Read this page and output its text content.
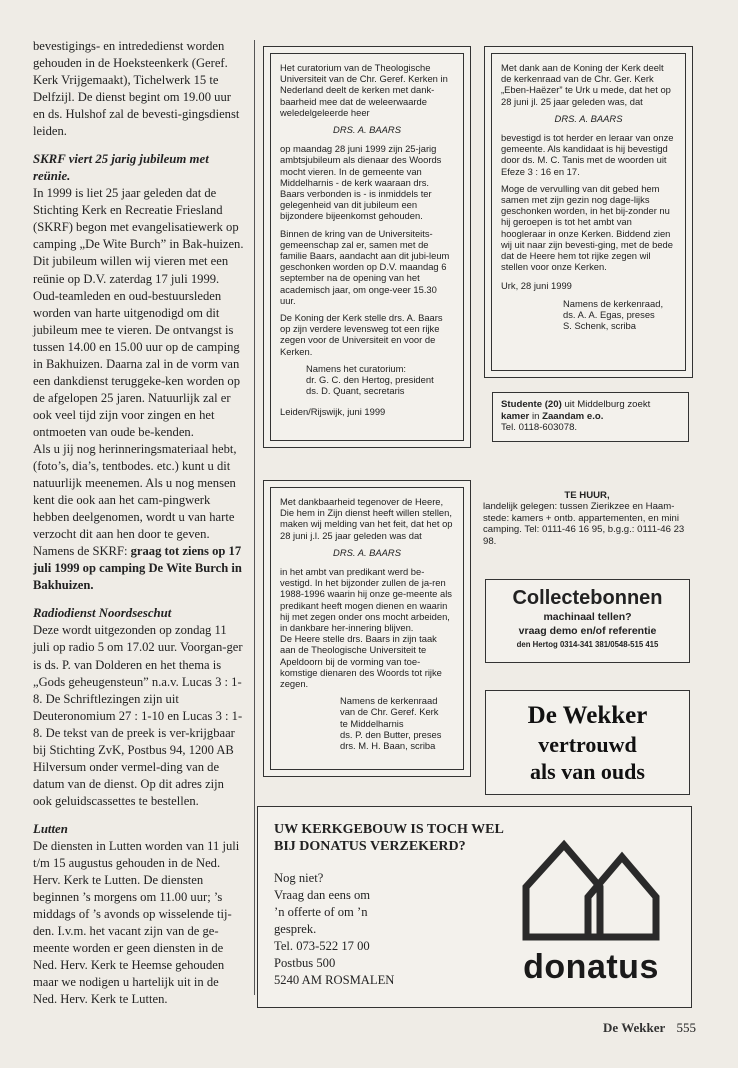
bevestigings- en intrededienst worden gehouden in de Hoeksteenkerk (Geref. Kerk Vrijgemaakt), Tichelwerk 15 te Delfzijl. De dienst begint om 19.00 uur en ds. Hulshof zal de bevesti-gingsdienst leiden.

SKRF viert 25 jarig jubileum met reünie.

In 1999 is liet 25 jaar geleden dat de Stichting Kerk en Recreatie Friesland (SKRF) begon met evangelisatiewerk op camping „De Wite Burch” in Bak-huizen.

Dit jubileum willen wij vieren met een reünie op D.V. zaterdag 17 juli 1999. Oud-teamleden en oud-bestuursleden worden van harte uitgenodigd om dit jubileum mee te vieren. De ontvangst is tussen 14.00 en 15.00 uur op de camping in Bakhuizen. Daarna zal in de vorm van een dankdienst teruggeke-ken worden op de afgelopen 25 jaren. Natuurlijk zal er ook veel tijd zijn voor zingen en het ontmoeten van oude be-kenden.

Als u jij nog herinneringsmateriaal hebt, (foto’s, dia’s, tentbodes. etc.) kunt u dit natuurlijk meenemen. Als u nog mensen kent die ook aan het cam-pingwerk hebben deelgenomen, wordt u van harte verzocht dit aan hen door te geven.

Namens de SKRF: graag tot ziens op 17 juli 1999 op camping De Wite Burch in Bakhuizen.

Radiodienst Noordseschut

Deze wordt uitgezonden op zondag 11 juli op radio 5 om 17.02 uur. Voorgan-ger is ds. P. van Dolderen en het thema is „Gods geheugensteun” n.a.v. Lucas 3 : 1-8. De Schriftlezingen zijn uit Deuteronomium 27 : 1-10 en Lucas 3 : 1-8. De tekst van de preek is ver-krijgbaar bij Stichting ZvK, Postbus 94, 1200 AB Hilversum onder vermel-ding van de datum van de dienst. Op dit adres zijn ook geluidscassettes te bestellen.

Lutten

De diensten in Lutten worden van 11 juli t/m 15 augustus gehouden in de Ned. Herv. Kerk te Lutten. De diensten beginnen ’s morgens om 11.00 uur; ’s middags of ’s avonds op wisselende tij-den. I.v.m. het vacant zijn van de ge-meente worden er geen diensten in de Ned. Herv. Kerk te Heemse gehouden maar we nodigen u hartelijk uit in de Ned. Herv. Kerk te Lutten.

Het curatorium van de Theologische Universiteit van de Chr. Geref. Kerken in Nederland deelt de kerken met dank-baarheid mee dat de weleerwaarde weledelgeleerde heer

DRS. A. BAARS

op maandag 28 juni 1999 zijn 25-jarig ambtsjubileum als dienaar des Woords mocht vieren. In de gemeente van Middelharnis - de kerk waaraan drs. Baars verbonden is - is inmiddels ter gelegenheid van dit jubileum een bijzondere bijeenkomst gehouden.

Binnen de kring van de Universiteits-gemeenschap zal er, samen met de familie Baars, aandacht aan dit jubi-leum geschonken worden op D.V. maandag 6 september na de opening van het academisch jaar, om onge-veer 15.30 uur.

De Koning der Kerk stelle drs. A. Baars op zijn verdere levensweg tot een rijke zegen voor de Universiteit en voor de Kerken.

Namens het curatorium:
dr. G. C. den Hertog, president
ds. D. Quant, secretaris

Leiden/Rijswijk, juni 1999

Met dank aan de Koning der Kerk deelt de kerkenraad van de Chr. Ger. Kerk „Eben-Haëzer” te Urk u mede, dat het op 28 juni jl. 25 jaar geleden was, dat

DRS. A. BAARS

bevestigd is tot herder en leraar van onze gemeente. Als kandidaat is hij bevestigd door ds. M. C. Tanis met de woorden uit Efeze 3 : 16 en 17.

Moge de vervulling van dit gebed hem samen met zijn gezin nog dage-lijks geschonken worden, in het bij-zonder nu hij geroepen is tot het ambt van hoogleraar in onze Kerken. Biddend zien wij uit naar zijn bevesti-ging, met de bede dat de Heere hem tot rijke zegen wil stellen voor onze Kerken.

Urk, 28 juni 1999

Namens de kerkenraad,
ds. A. A. Egas, preses
S. Schenk, scriba
Studente (20) uit Middelburg zoekt kamer in Zaandam e.o.
Tel. 0118-603078.

Met dankbaarheid tegenover de Heere, Die hem in Zijn dienst heeft willen stellen, maken wij melding van het feit, dat het op 28 juni j.l. 25 jaar geleden was dat

DRS. A. BAARS

in het ambt van predikant werd be-vestigd. In het bijzonder zullen de ja-ren 1988-1996 waarin hij onze ge-meente als predikant heeft mogen dienen en waarin hij met zegen onder ons mocht arbeiden, in dankbare her-innering blijven.

De Heere stelle drs. Baars in zijn taak aan de Theologische Universiteit te Apeldoorn bij de vorming van toe-komstige dienaren des Woords tot rijke zegen.

Namens de kerkenraad
van de Chr. Geref. Kerk
te Middelharnis
ds. P. den Butter, preses
drs. M. H. Baan, scriba
TE HUUR,
landelijk gelegen: tussen Zierikzee en Haam-stede: kamers + ontb. appartementen, en mini camping. Tel: 0111-46 16 95, b.g.g.: 0111-46 23 98.
Collectebonnen
machinaal tellen?
vraag demo en/of referentie
den Hertog 0314-341 381/0548-515 415
De Wekker
vertrouwd
als van ouds
UW KERKGEBOUW IS TOCH WEL
BIJ DONATUS VERZEKERD?
Nog niet?
Vraag dan eens om
’n offerte of om ’n
gesprek.
Tel. 073-522 17 00
Postbus 500
5240 AM ROSMALEN	donatus
De Wekker 555
